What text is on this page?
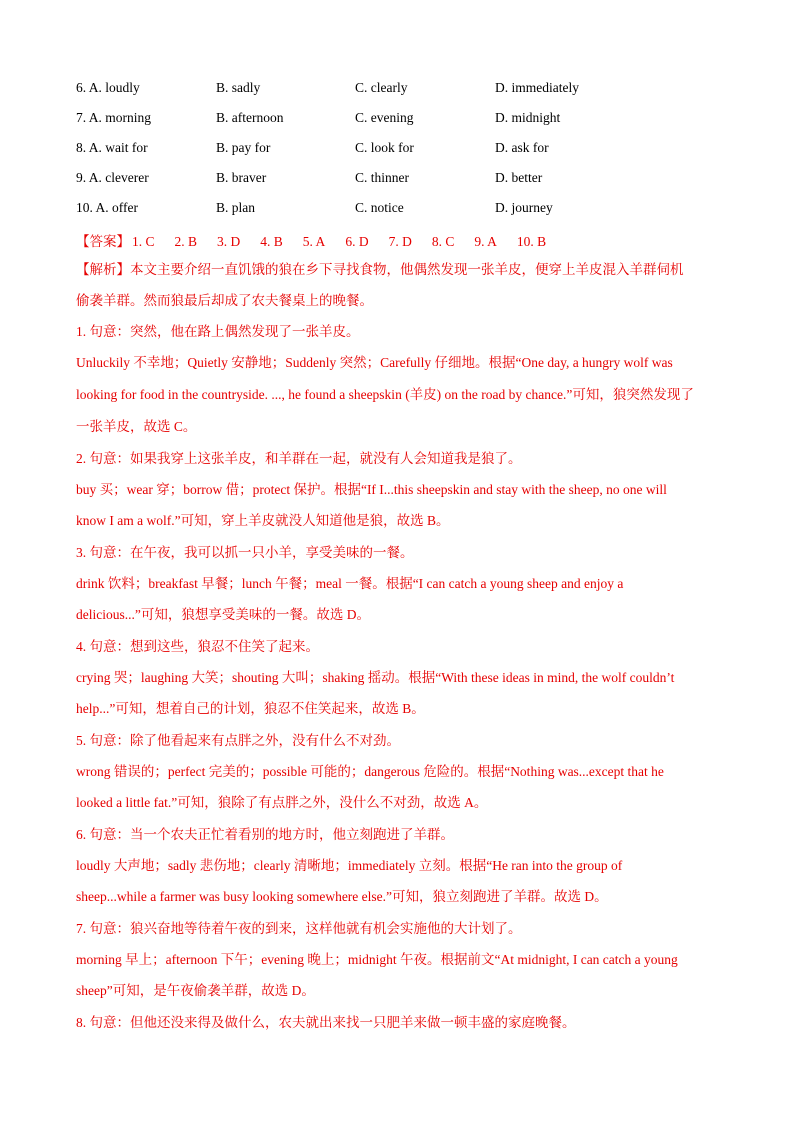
6. A. loudly	B. sadly	C. clearly	D. immediately
7. A. morning	B. afternoon	C. evening	D. midnight
8. A. wait for	B. pay for	C. look for	D. ask for
9. A. cleverer	B. braver	C. thinner	D. better
10. A. offer	B. plan	C. notice	D. journey
【答案】 1. C 2. B 3. D 4. B 5. A 6. D 7. D 8. C 9. A 10. B
【解析】本文主要介绍一直饥饿的狼在乡下寻找食物，他偶然发现一张羊皮，便穿上羊皮混入羊群伺机
偷袭羊群。然而狼最后却成了农夫餐桌上的晚餐。
1. 句意：突然，他在路上偶然发现了一张羊皮。
Unluckily 不幸地；Quietly 安静地；Suddenly 突然；Carefully 仔细地。根据“One day, a hungry wolf was
looking for food in the countryside. ..., he found a sheepskin (羊皮) on the road by chance.”可知，狼突然发现了
一张羊皮，故选 C。
2. 句意：如果我穿上这张羊皮，和羊群在一起，就没有人会知道我是狼了。
buy 买；wear 穿；borrow 借；protect 保护。根据“If I...this sheepskin and stay with the sheep, no one will
know I am a wolf.”可知，穿上羊皮就没人知道他是狼，故选 B。
3. 句意：在午夜，我可以抓一只小羊，享受美味的一餐。
drink 饮料；breakfast 早餐；lunch 午餐；meal 一餐。根据“I can catch a young sheep and enjoy a
delicious...”可知，狼想享受美味的一餐。故选 D。
4. 句意：想到这些，狼忍不住笑了起来。
crying 哭；laughing 大笑；shouting 大叫；shaking 摇动。根据“With these ideas in mind, the wolf couldn’t
help...”可知，想着自己的计划，狼忍不住笑起来，故选 B。
5. 句意：除了他看起来有点胖之外，没有什么不对劲。
wrong 错误的；perfect 完美的；possible 可能的；dangerous 危险的。根据“Nothing was...except that he
looked a little fat.”可知，狼除了有点胖之外，没什么不对劲，故选 A。
6. 句意：当一个农夫正忙着看别的地方时，他立刻跑进了羊群。
loudly 大声地；sadly 悲伤地；clearly 清晰地；immediately 立刻。根据“He ran into the group of
sheep...while a farmer was busy looking somewhere else.”可知，狼立刻跑进了羊群。故选 D。
7. 句意：狼兴奋地等待着午夜的到来，这样他就有机会实施他的大计划了。
morning 早上；afternoon 下午；evening 晚上；midnight 午夜。根据前文“At midnight, I can catch a young
sheep”可知，是午夜偷袭羊群，故选 D。
8. 句意：但他还没来得及做什么，农夫就出来找一只肥羊来做一顿丰盛的家庭晚餐。
